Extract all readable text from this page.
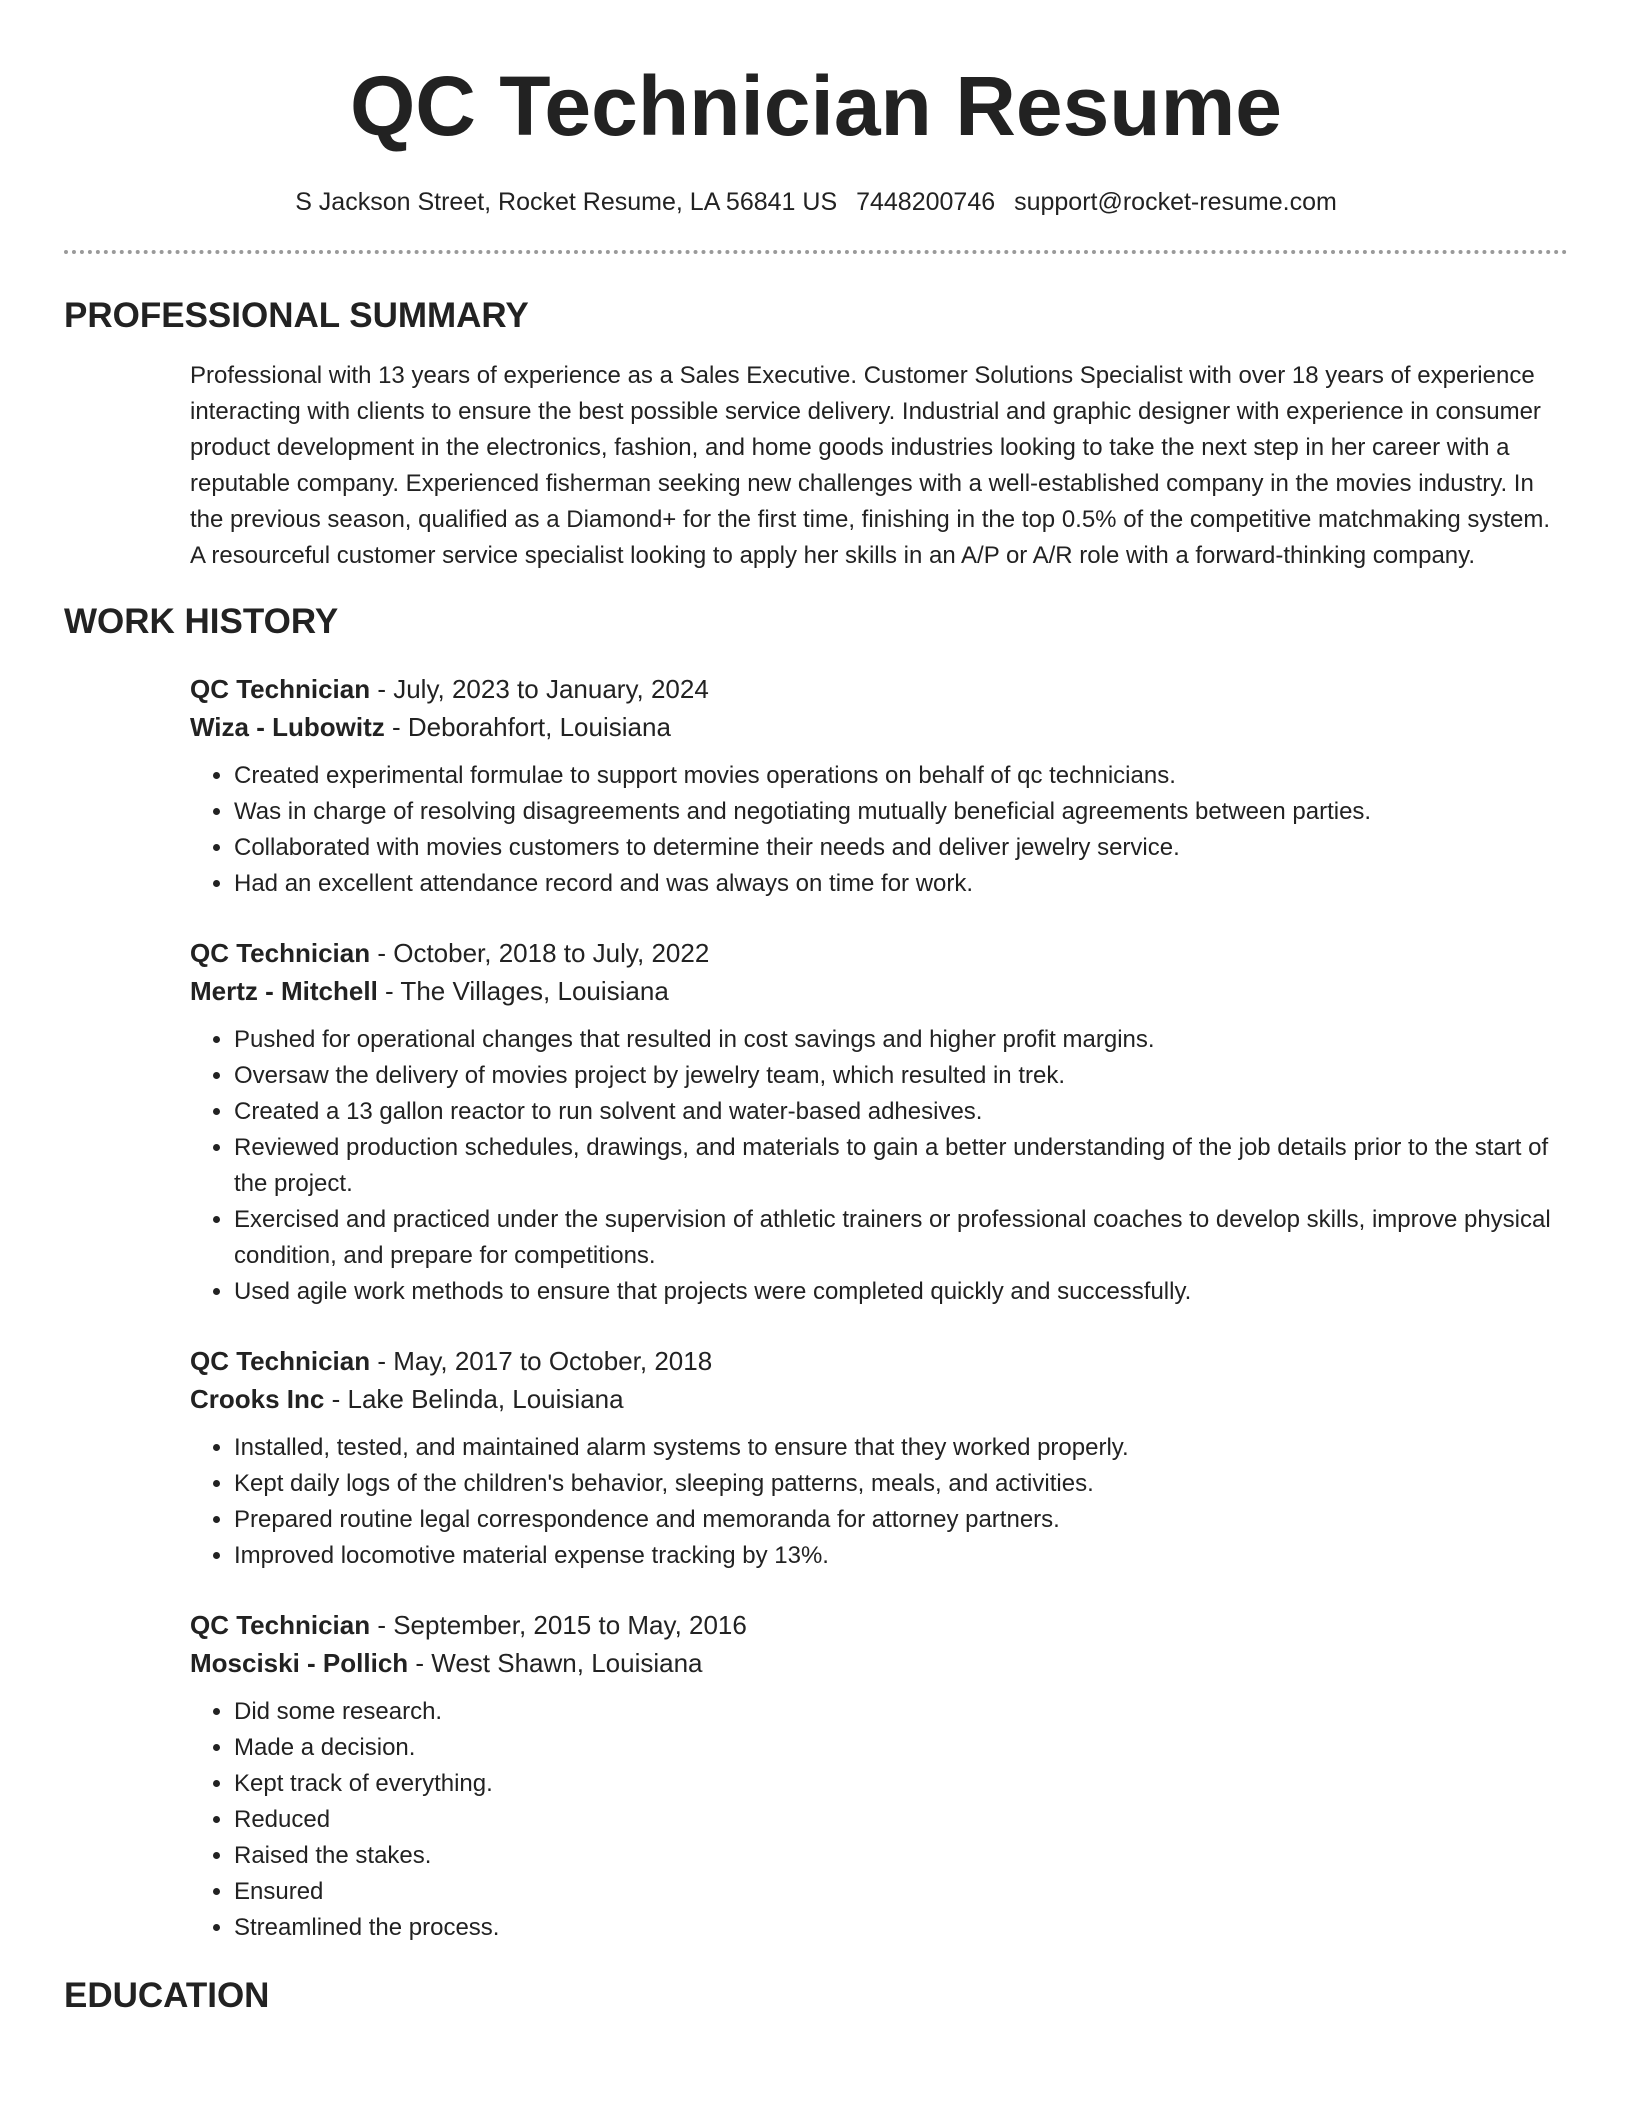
QC Technician Resume
S Jackson Street, Rocket Resume, LA 56841 US 7448200746 support@rocket-resume.com
PROFESSIONAL SUMMARY
Professional with 13 years of experience as a Sales Executive. Customer Solutions Specialist with over 18 years of experience interacting with clients to ensure the best possible service delivery. Industrial and graphic designer with experience in consumer product development in the electronics, fashion, and home goods industries looking to take the next step in her career with a reputable company. Experienced fisherman seeking new challenges with a well-established company in the movies industry. In the previous season, qualified as a Diamond+ for the first time, finishing in the top 0.5% of the competitive matchmaking system. A resourceful customer service specialist looking to apply her skills in an A/P or A/R role with a forward-thinking company.
WORK HISTORY
QC Technician - July, 2023 to January, 2024
Wiza - Lubowitz - Deborahfort, Louisiana
• Created experimental formulae to support movies operations on behalf of qc technicians.
• Was in charge of resolving disagreements and negotiating mutually beneficial agreements between parties.
• Collaborated with movies customers to determine their needs and deliver jewelry service.
• Had an excellent attendance record and was always on time for work.
QC Technician - October, 2018 to July, 2022
Mertz - Mitchell - The Villages, Louisiana
• Pushed for operational changes that resulted in cost savings and higher profit margins.
• Oversaw the delivery of movies project by jewelry team, which resulted in trek.
• Created a 13 gallon reactor to run solvent and water-based adhesives.
• Reviewed production schedules, drawings, and materials to gain a better understanding of the job details prior to the start of the project.
• Exercised and practiced under the supervision of athletic trainers or professional coaches to develop skills, improve physical condition, and prepare for competitions.
• Used agile work methods to ensure that projects were completed quickly and successfully.
QC Technician - May, 2017 to October, 2018
Crooks Inc - Lake Belinda, Louisiana
• Installed, tested, and maintained alarm systems to ensure that they worked properly.
• Kept daily logs of the children's behavior, sleeping patterns, meals, and activities.
• Prepared routine legal correspondence and memoranda for attorney partners.
• Improved locomotive material expense tracking by 13%.
QC Technician - September, 2015 to May, 2016
Mosciski - Pollich - West Shawn, Louisiana
• Did some research.
• Made a decision.
• Kept track of everything.
• Reduced
• Raised the stakes.
• Ensured
• Streamlined the process.
EDUCATION
